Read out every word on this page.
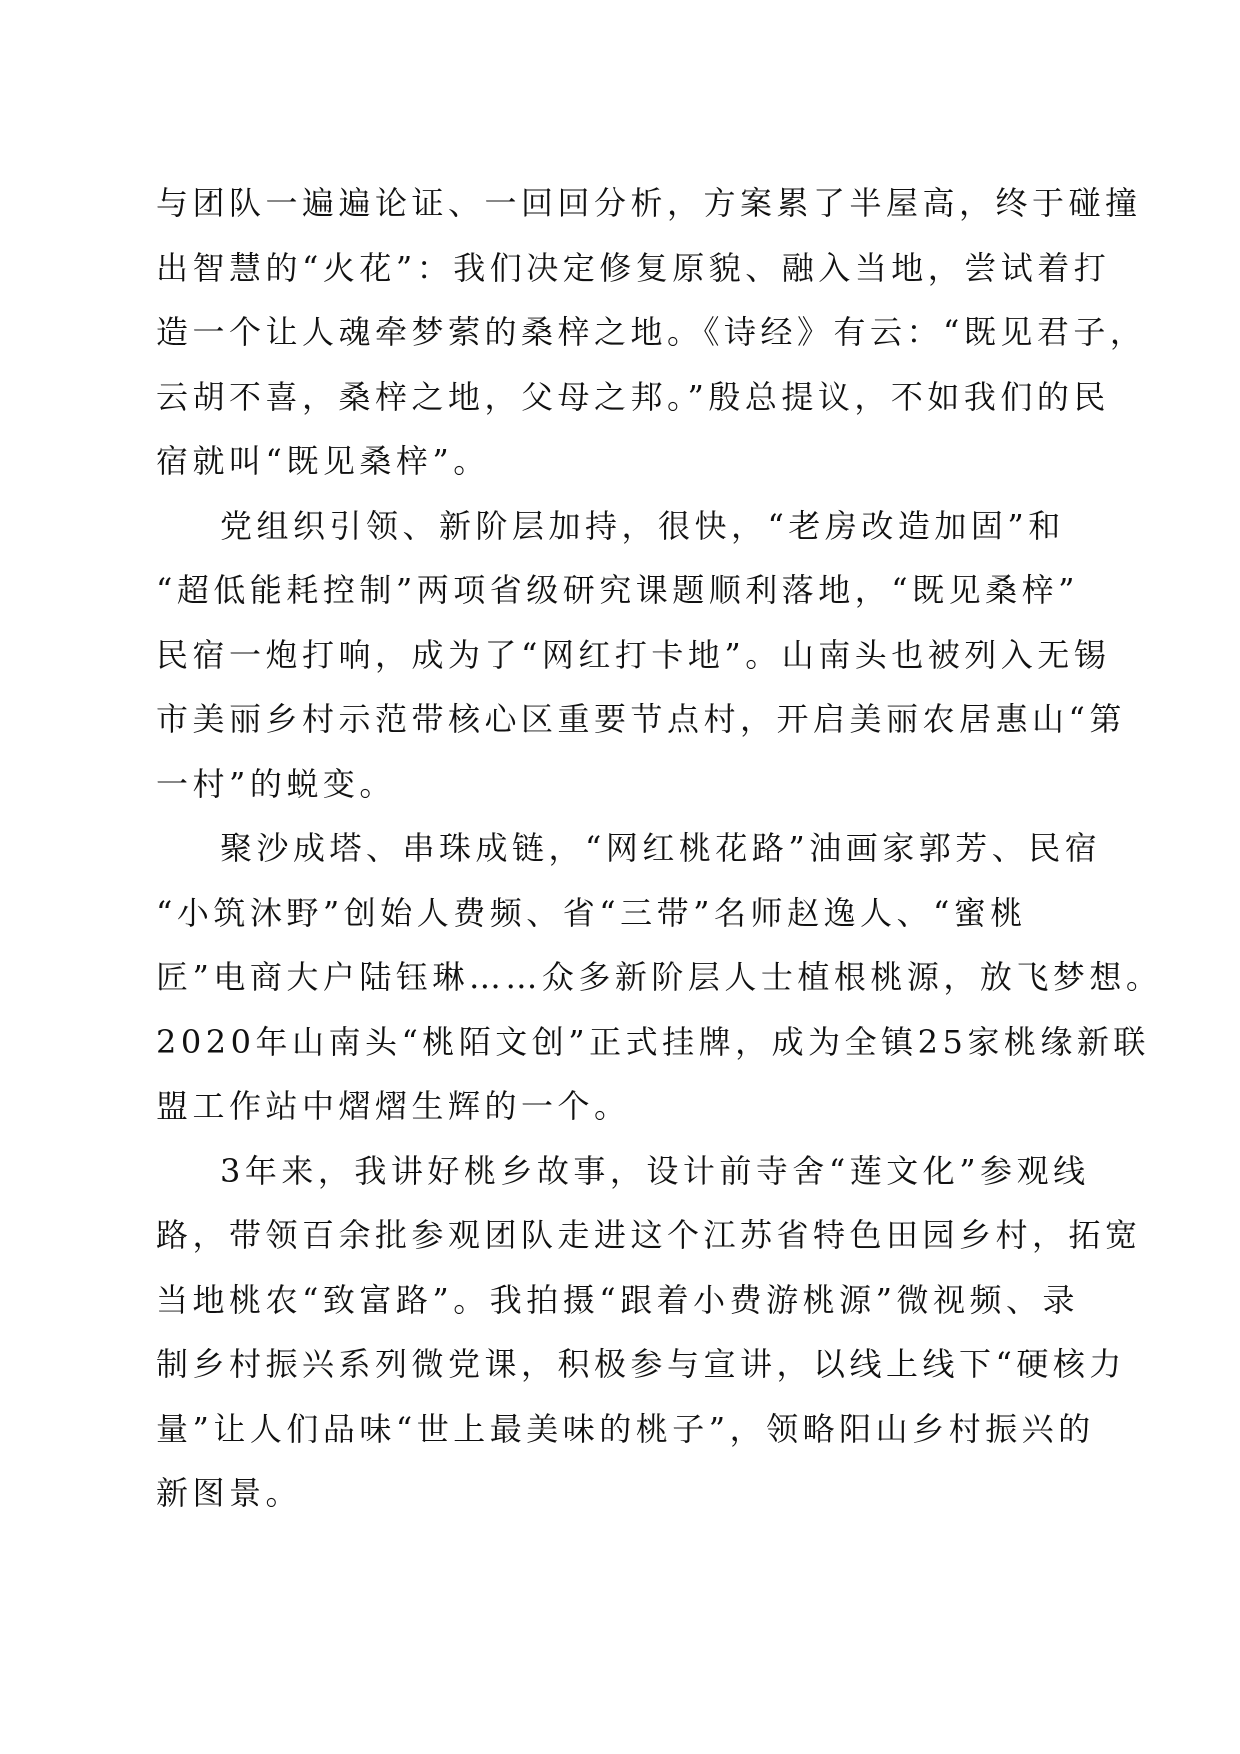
与团队一遍遍论证、一回回分析，方案累了半屋高，终于碰撞
出智慧的“火花”：我们决定修复原貌、融入当地，尝试着打
造一个让人魂牵梦萦的桑梓之地。《诗经》有云：“既见君子，
云胡不喜，桑梓之地，父母之邦。”殷总提议，不如我们的民
宿就叫“既见桑梓”。
党组织引领、新阶层加持，很快，“老房改造加固”和
“超低能耗控制”两项省级研究课题顺利落地，“既见桑梓”
民宿一炮打响，成为了“网红打卡地”。山南头也被列入无锡
市美丽乡村示范带核心区重要节点村，开启美丽农居惠山“第
一村”的蜕变。
聚沙成塔、串珠成链，“网红桃花路”油画家郭芳、民宿
“小筑沐野”创始人费频、省“三带”名师赵逸人、“蜜桃
匠”电商大户陆钰琳……众多新阶层人士植根桃源，放飞梦想。
2020年山南头“桃陌文创”正式挂牌，成为全镇25家桃缘新联
盟工作站中熠熠生辉的一个。
3年来，我讲好桃乡故事，设计前寺舍“莲文化”参观线
路，带领百余批参观团队走进这个江苏省特色田园乡村，拓宽
当地桃农“致富路”。我拍摄“跟着小费游桃源”微视频、录
制乡村振兴系列微党课，积极参与宣讲，以线上线下“硬核力
量”让人们品味“世上最美味的桃子”，领略阳山乡村振兴的
新图景。
